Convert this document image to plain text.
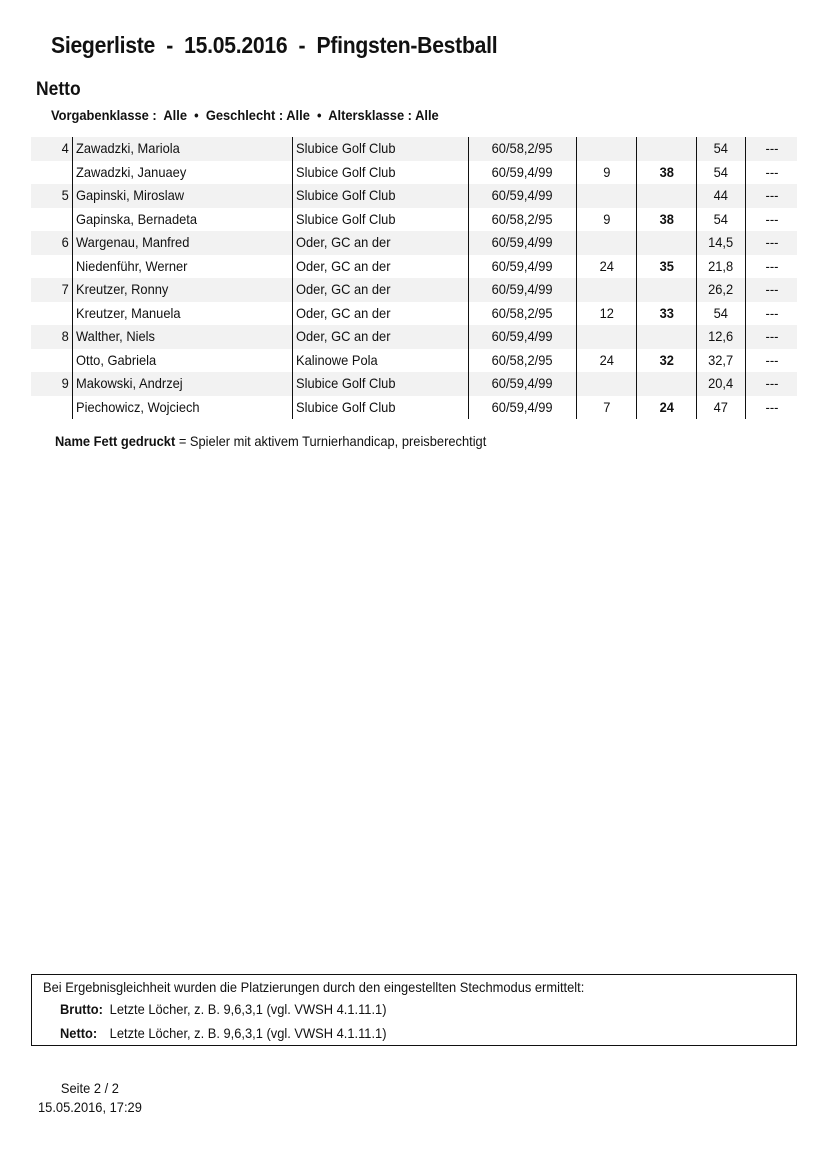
Siegerliste  -  15.05.2016  -  Pfingsten-Bestball
Netto
Vorgabenklasse :  Alle  •  Geschlecht : Alle  •  Altersklasse : Alle
4	Zawadzki, Mariola	Slubice Golf Club	60/58,2/95			54	---
	Zawadzki, Januaey	Slubice Golf Club	60/59,4/99	9	38	54	---
5	Gapinski, Miroslaw	Slubice Golf Club	60/59,4/99			44	---
	Gapinska, Bernadeta	Slubice Golf Club	60/58,2/95	9	38	54	---
6	Wargenau, Manfred	Oder, GC an der	60/59,4/99			14,5	---
	Niedenführ, Werner	Oder, GC an der	60/59,4/99	24	35	21,8	---
7	Kreutzer, Ronny	Oder, GC an der	60/59,4/99			26,2	---
	Kreutzer, Manuela	Oder, GC an der	60/58,2/95	12	33	54	---
8	Walther, Niels	Oder, GC an der	60/59,4/99			12,6	---
	Otto, Gabriela	Kalinowe Pola	60/58,2/95	24	32	32,7	---
9	Makowski, Andrzej	Slubice Golf Club	60/59,4/99			20,4	---
	Piechowicz, Wojciech	Slubice Golf Club	60/59,4/99	7	24	47	---
Name Fett gedruckt = Spieler mit aktivem Turnierhandicap, preisberechtigt
Bei Ergebnisgleichheit wurden die Platzierungen durch den eingestellten Stechmodus ermittelt:
Brutto: Letzte Löcher, z. B. 9,6,3,1 (vgl. VWSH 4.1.11.1)
Netto: Letzte Löcher, z. B. 9,6,3,1 (vgl. VWSH 4.1.11.1)
Seite 2 / 2
15.05.2016, 17:29
